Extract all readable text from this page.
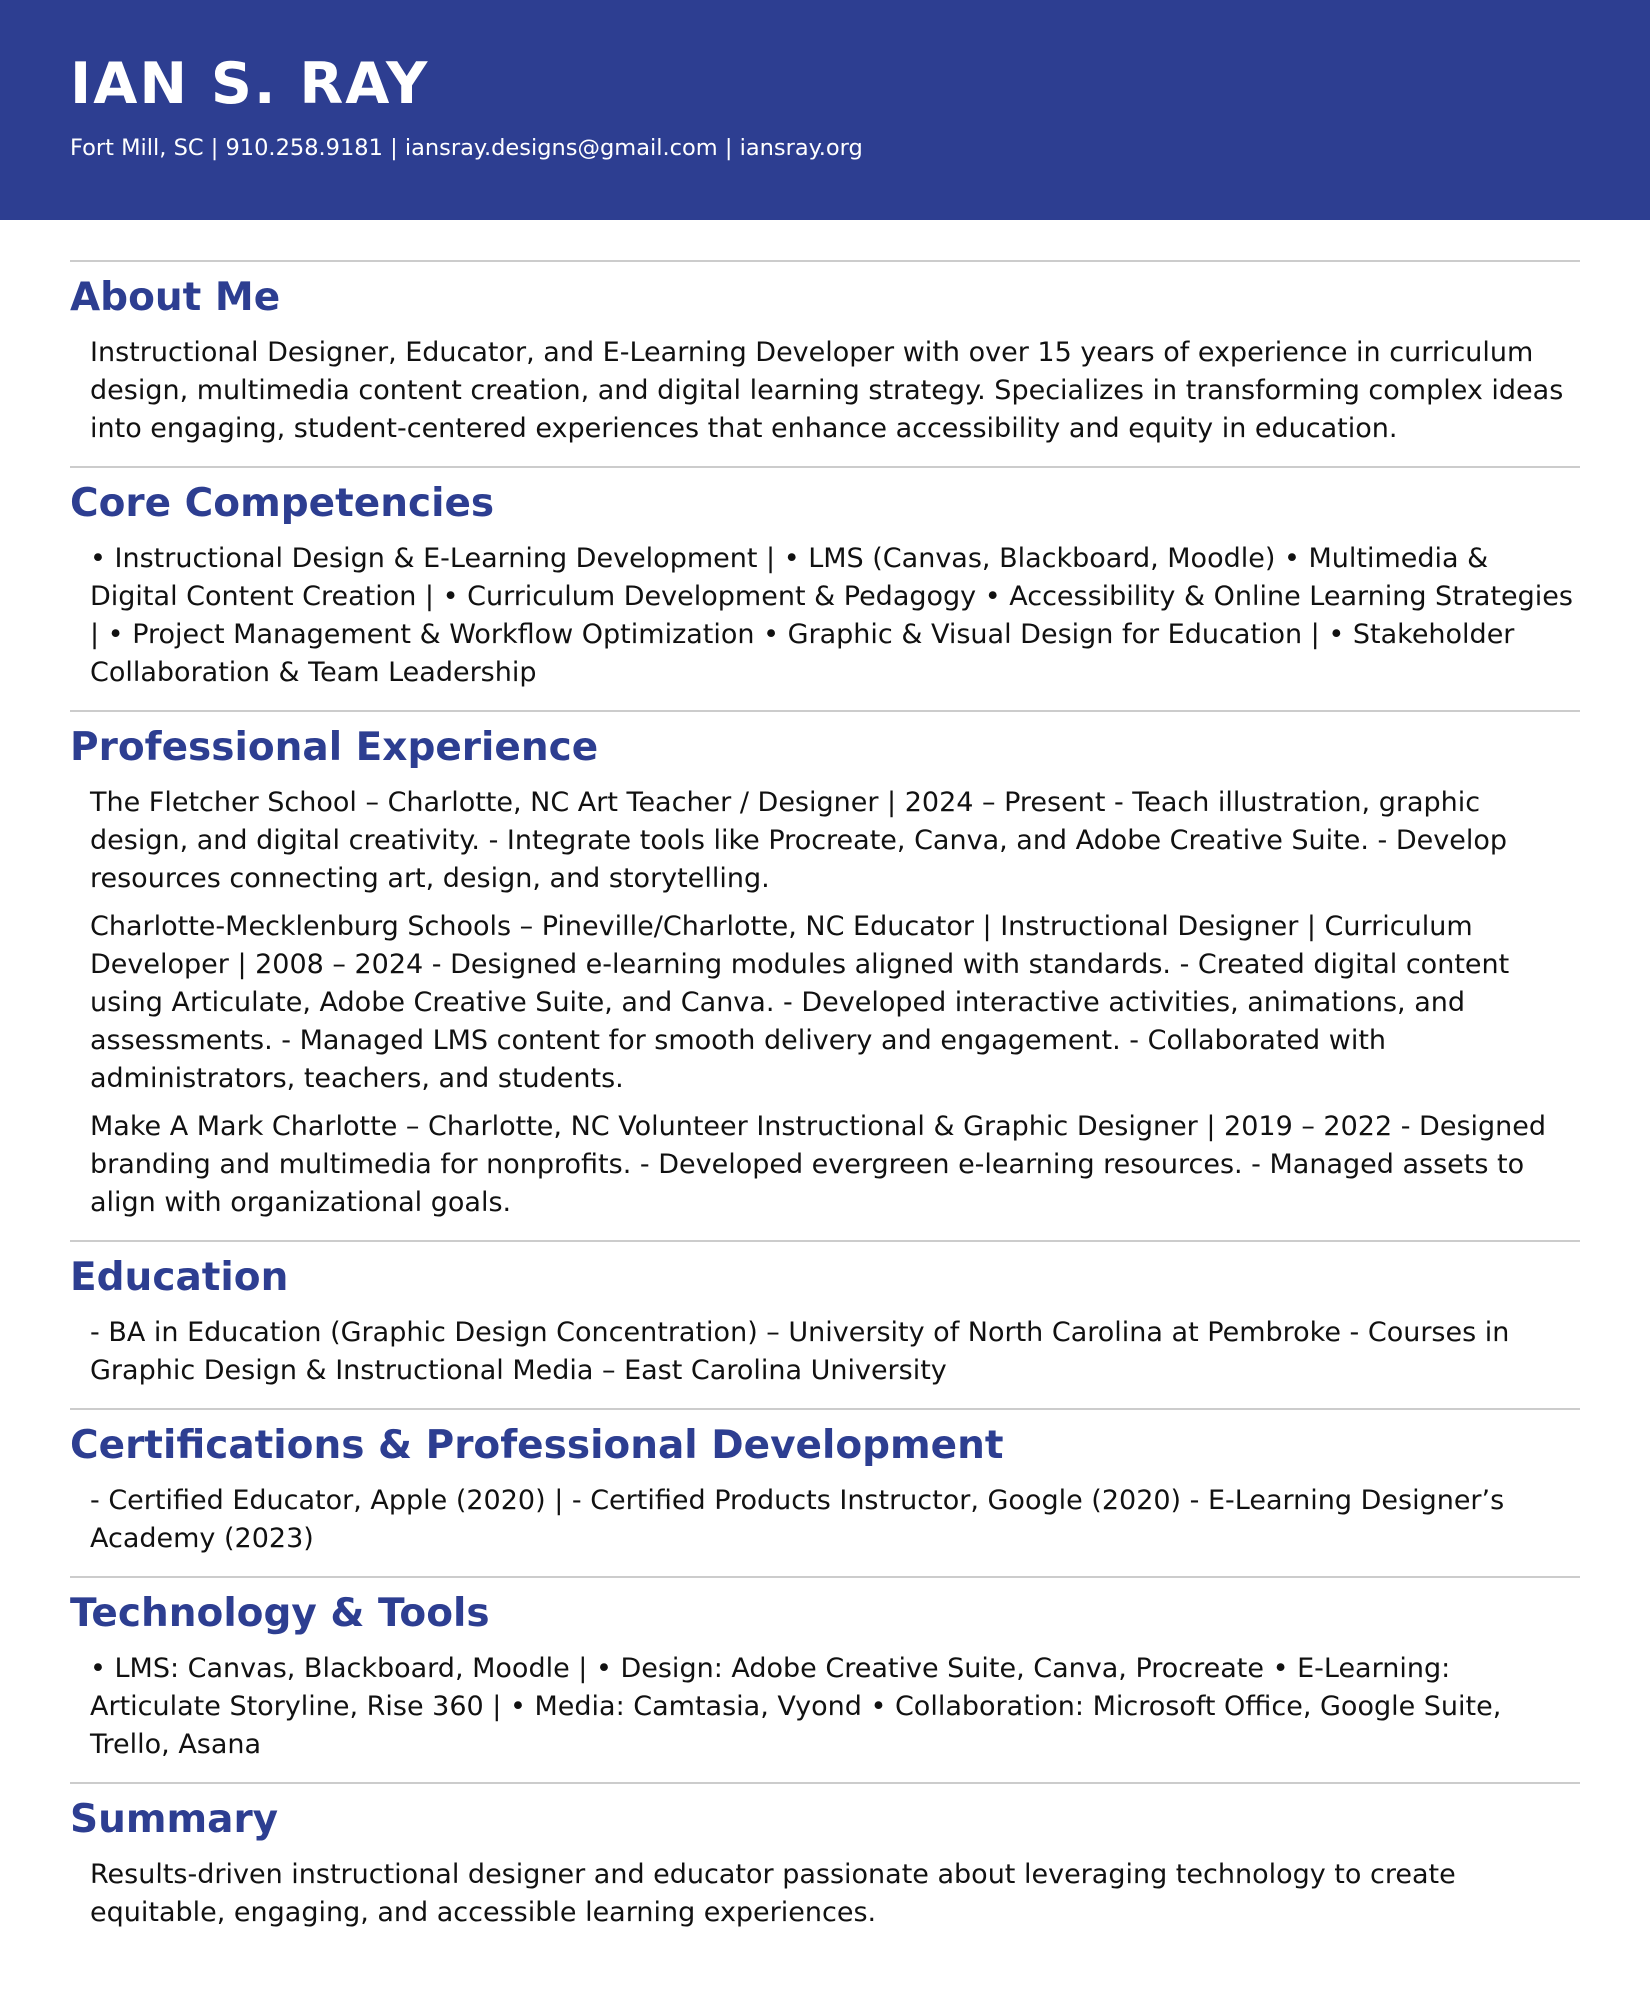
IAN S. RAY
Fort Mill, SC | 910.258.9181 | iansray.designs@gmail.com | iansray.org
About Me

Instructional Designer, Educator, and E-Learning Developer with over 15 years of experience in curriculum design, multimedia content creation, and digital learning strategy. Specializes in transforming complex ideas into engaging, student-centered experiences that enhance accessibility and equity in education.

Core Competencies

• Instructional Design & E-Learning Development | • LMS (Canvas, Blackboard, Moodle) • Multimedia & Digital Content Creation | • Curriculum Development & Pedagogy • Accessibility & Online Learning Strategies | • Project Management & Workflow Optimization • Graphic & Visual Design for Education | • Stakeholder Collaboration & Team Leadership

Professional Experience

The Fletcher School – Charlotte, NC Art Teacher / Designer | 2024 – Present - Teach illustration, graphic design, and digital creativity. - Integrate tools like Procreate, Canva, and Adobe Creative Suite. - Develop resources connecting art, design, and storytelling.

Charlotte-Mecklenburg Schools – Pineville/Charlotte, NC Educator | Instructional Designer | Curriculum Developer | 2008 – 2024 - Designed e-learning modules aligned with standards. - Created digital content using Articulate, Adobe Creative Suite, and Canva. - Developed interactive activities, animations, and assessments. - Managed LMS content for smooth delivery and engagement. - Collaborated with administrators, teachers, and students.

Make A Mark Charlotte – Charlotte, NC Volunteer Instructional & Graphic Designer | 2019 – 2022 - Designed branding and multimedia for nonprofits. - Developed evergreen e-learning resources. - Managed assets to align with organizational goals.

Education

- BA in Education (Graphic Design Concentration) – University of North Carolina at Pembroke - Courses in Graphic Design & Instructional Media – East Carolina University

Certifications & Professional Development

- Certified Educator, Apple (2020) | - Certified Products Instructor, Google (2020) - E-Learning Designer’s Academy (2023)

Technology & Tools

• LMS: Canvas, Blackboard, Moodle | • Design: Adobe Creative Suite, Canva, Procreate • E-Learning: Articulate Storyline, Rise 360 | • Media: Camtasia, Vyond • Collaboration: Microsoft Office, Google Suite, Trello, Asana

Summary

Results-driven instructional designer and educator passionate about leveraging technology to create equitable, engaging, and accessible learning experiences.
